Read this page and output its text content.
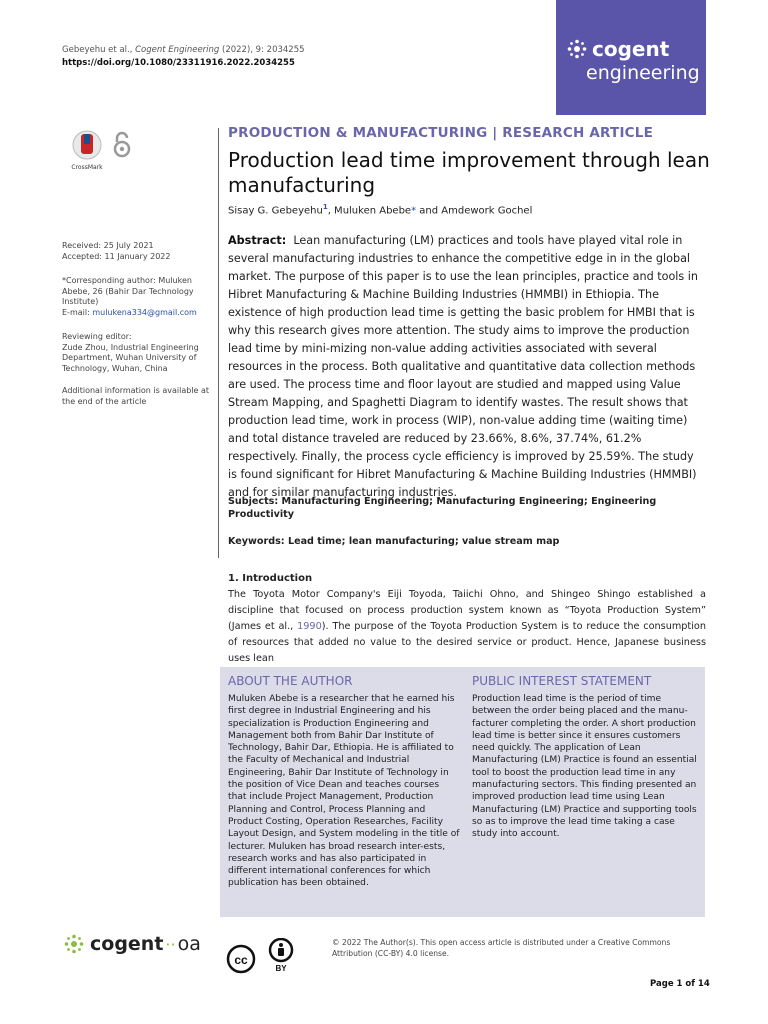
Gebeyehu et al., Cogent Engineering (2022), 9: 2034255
https://doi.org/10.1080/23311916.2022.2034255
cogent
engineering
CrossMark
PRODUCTION & MANUFACTURING | RESEARCH ARTICLE
Production lead time improvement through lean manufacturing
Sisay G. Gebeyehu$^1$, Muluken Abebe* and Amdework Gochel
Received: 25 July 2021
Accepted: 11 January 2022
*Corresponding author: Muluken Abebe, 26 (Bahir Dar Technology Institute)
E-mail: mulukena334@gmail.com
Reviewing editor:
Zude Zhou, Industrial Engineering Department, Wuhan University of Technology, Wuhan, China
Additional information is available at the end of the article
Abstract: Lean manufacturing (LM) practices and tools have played vital role in several manufacturing industries to enhance the competitive edge in in the global market. The purpose of this paper is to use the lean principles, practice and tools in Hibret Manufacturing & Machine Building Industries (HMMBI) in Ethiopia. The existence of high production lead time is getting the basic problem for HMBI that is why this research gives more attention. The study aims to improve the production lead time by mini-mizing non-value adding activities associated with several resources in the process. Both qualitative and quantitative data collection methods are used. The process time and floor layout are studied and mapped using Value Stream Mapping, and Spaghetti Diagram to identify wastes. The result shows that production lead time, work in process (WIP), non-value adding time (waiting time) and total distance traveled are reduced by 23.66%, 8.6%, 37.74%, 61.2% respectively. Finally, the process cycle efficiency is improved by 25.59%. The study is found significant for Hibret Manufacturing & Machine Building Industries (HMMBI) and for similar manufacturing industries.
Subjects: Manufacturing Engineering; Manufacturing Engineering; Engineering Productivity
Keywords: Lead time; lean manufacturing; value stream map
1. Introduction
The Toyota Motor Company's Eiji Toyoda, Taiichi Ohno, and Shingeo Shingo established a discipline that focused on process production system known as “Toyota Production System” (James et al., 1990). The purpose of the Toyota Production System is to reduce the consumption of resources that added no value to the desired service or product. Hence, Japanese business uses lean
ABOUT THE AUTHOR
Muluken Abebe is a researcher that he earned his first degree in Industrial Engineering and his specialization is Production Engineering and Management both from Bahir Dar Institute of Technology, Bahir Dar, Ethiopia. He is affiliated to the Faculty of Mechanical and Industrial Engineering, Bahir Dar Institute of Technology in the position of Vice Dean and teaches courses that include Project Management, Production Planning and Control, Process Planning and Product Costing, Operation Researches, Facility Layout Design, and System modeling in the title of lecturer. Muluken has broad research inter-ests, research works and has also participated in different international conferences for which publication has been obtained.
PUBLIC INTEREST STATEMENT
Production lead time is the period of time between the order being placed and the manu-facturer completing the order. A short production lead time is better since it ensures customers need quickly. The application of Lean Manufacturing (LM) Practice is found an essential tool to boost the production lead time in any manufacturing sectors. This finding presented an improved production lead time using Lean Manufacturing (LM) Practice and supporting tools so as to improve the lead time taking a case study into account.
cogent ·· oa
cc

BY
© 2022 The Author(s). This open access article is distributed under a Creative Commons Attribution (CC-BY) 4.0 license.
Page 1 of 14
